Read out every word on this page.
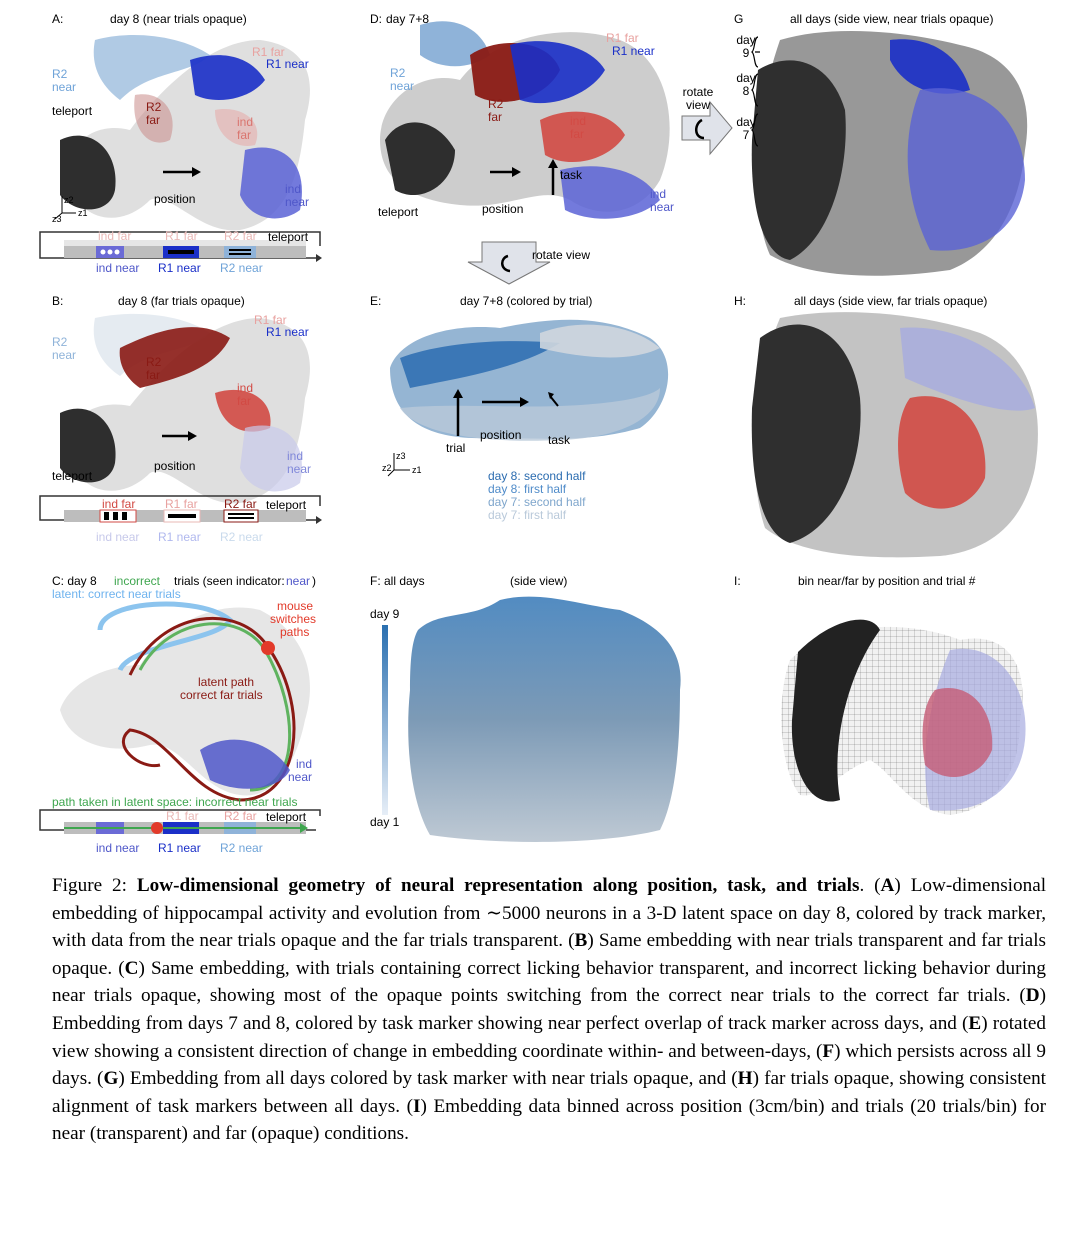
A:	day 8 (near trials opaque)
R1 far
R1 near
R2 near
teleport	R2 far	ind far
ind near
position
z2
z1
z3
ind far	R1 far R2 far teleport
ind near R1 near R2 near
B:	day 8 (far trials opaque)
R1 far
R1 near
R2 near	R2 far
ind far
position
ind near
teleport
ind far R1 far R2 far teleport
ind near R1 near R2 near
C: day 8 incorrect trials (seen indicator: near )
latent: correct near trials
mouse
switches
paths
latent path
correct far trials
ind
near
path taken in latent space: incorrect near trials
R1 far R2 far teleport
ind near R1 near R2 near
D: day 7+8
R1 far
R1 near
R2 near
R2 far	ind far
task
ind near
teleport	position
rotate view
E:	day 7+8 (colored by trial)
position task
trial
z3
z2 z1	day 8: second half
day 8: first half
day 7: second half
day 7: first half
F: all days	(side view)
day 9
day 1
G	all days (side view, near trials opaque)
rotate view
day 9
day 8
day 7
H:	all days (side view, far trials opaque)
I:	bin near/far by position and trial #
Figure 2: Low-dimensional geometry of neural representation along position, task, and trials. (A) Low-dimensional embedding of hippocampal activity and evolution from ∼5000 neurons in a 3-D latent space on day 8, colored by track marker, with data from the near trials opaque and the far trials transparent. (B) Same embedding with near trials transparent and far trials opaque. (C) Same embedding, with trials containing correct licking behavior transparent, and incorrect licking behavior during near trials opaque, showing most of the opaque points switching from the correct near trials to the correct far trials. (D) Embedding from days 7 and 8, colored by task marker showing near perfect overlap of track marker across days, and (E) rotated view showing a consistent direction of change in embedding coordinate within- and between-days, (F) which persists across all 9 days. (G) Embedding from all days colored by task marker with near trials opaque, and (H) far trials opaque, showing consistent alignment of task markers between all days. (I) Embedding data binned across position (3cm/bin) and trials (20 trials/bin) for near (transparent) and far (opaque) conditions.
